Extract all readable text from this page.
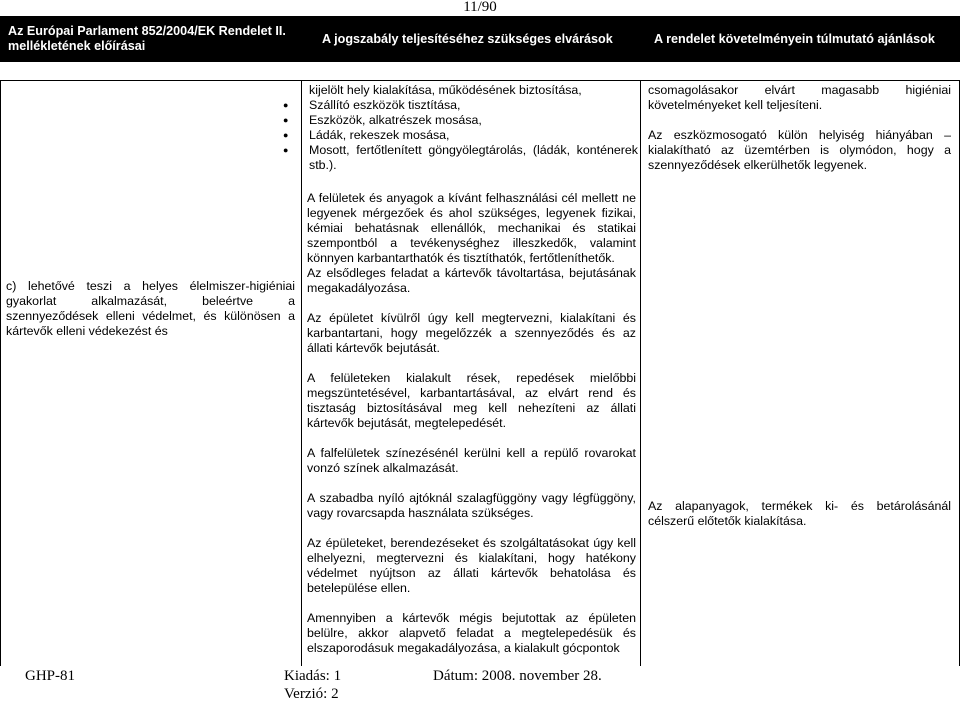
11/90
Az Európai Parlament 852/2004/EK Rendelet II. mellékletének előírásai
A jogszabály teljesítéséhez szükséges elvárások	A rendelet követelményein túlmutató ajánlások
kijelölt hely kialakítása, működésének biztosítása,
● Szállító eszközök tisztítása,
● Eszközök, alkatrészek mosása,
● Ládák, rekeszek mosása,
● Mosott, fertőtlenített göngyölegtárolás, (ládák, konténerek stb.).

csomagolásakor elvárt magasabb higiéniai követelményeket kell teljesíteni.

Az eszközmosogató külön helyiség hiányában – kialakítható az üzemtérben is olymódon, hogy a szennyeződések elkerülhetők legyenek.

c) lehetővé teszi a helyes élelmiszer-higiéniai gyakorlat alkalmazását, beleértve a szennyeződések elleni védelmet, és különösen a kártevők elleni védekezést és

A felületek és anyagok a kívánt felhasználási cél mellett ne legyenek mérgezőek és ahol szükséges, legyenek fizikai, kémiai behatásnak ellenállók, mechanikai és statikai szempontból a tevékenységhez illeszkedők, valamint könnyen karbantarthatók és tisztíthatók, fertőtleníthetők.

Az elsődleges feladat a kártevők távoltartása, bejutásának megakadályozása.

Az épületet kívülről úgy kell megtervezni, kialakítani és karbantartani, hogy megelőzzék a szennyeződés és az állati kártevők bejutását.

A felületeken kialakult rések, repedések mielőbbi megszüntetésével, karbantartásával, az elvárt rend és tisztaság biztosításával meg kell nehezíteni az állati kártevők bejutását, megtelepedését.

A falfelületek színezésénél kerülni kell a repülő rovarokat vonzó színek alkalmazását.

A szabadba nyíló ajtóknál szalagfüggöny vagy légfüggöny, vagy rovarcsapda használata szükséges.

Az épületeket, berendezéseket és szolgáltatásokat úgy kell elhelyezni, megtervezni és kialakítani, hogy hatékony védelmet nyújtson az állati kártevők behatolása és betelepülése ellen.

Amennyiben a kártevők mégis bejutottak az épületen belülre, akkor alapvető feladat a megtelepedésük és elszaporodásuk megakadályozása, a kialakult gócpontok

Az alapanyagok, termékek ki- és betárolásánál célszerű előtetők kialakítása.
GHP-81	Kiadás: 1
Verzió: 2
Dátum: 2008. november 28.
